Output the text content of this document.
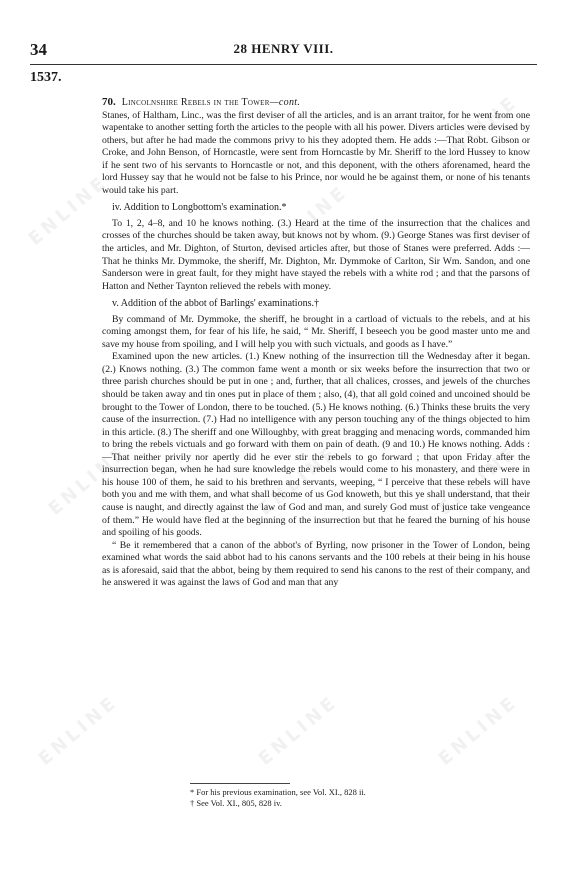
ENLINE	ENLINE
ENLINE
ENLINE	ENLINE	ENLINE
ENLINE	ENLINE	ENLINE
34	28 HENRY VIII.
1537.

70. Lincolnshire Rebels in the Tower—cont.

Stanes, of Haltham, Linc., was the first deviser of all the articles, and is an arrant traitor, for he went from one wapentake to another setting forth the articles to the people with all his power. Divers articles were devised by others, but after he had made the commons privy to his they adopted them. He adds :—That Robt. Gibson or Croke, and John Benson, of Horncastle, were sent from Horncastle by Mr. Sheriff to the lord Hussey to know if he sent two of his servants to Horncastle or not, and this deponent, with the others aforenamed, heard the lord Hussey say that he would not be false to his Prince, nor would he be against them, or none of his tenants would take his part.

iv. Addition to Longbottom's examination.*

To 1, 2, 4–8, and 10 he knows nothing. (3.) Heard at the time of the insurrection that the chalices and crosses of the churches should be taken away, but knows not by whom. (9.) George Stanes was first deviser of the articles, and Mr. Dighton, of Sturton, devised articles after, but those of Stanes were preferred. Adds :—That he thinks Mr. Dymmoke, the sheriff, Mr. Dighton, Mr. Dymmoke of Carlton, Sir Wm. Sandon, and one Sanderson were in great fault, for they might have stayed the rebels with a white rod ; and that the parsons of Hatton and Nether Taynton relieved the rebels with money.

v. Addition of the abbot of Barlings' examinations.†

By command of Mr. Dymmoke, the sheriff, he brought in a cartload of victuals to the rebels, and at his coming amongst them, for fear of his life, he said, “ Mr. Sheriff, I beseech you be good master unto me and save my house from spoiling, and I will help you with such victuals, and goods as I have.”

Examined upon the new articles. (1.) Knew nothing of the insurrection till the Wednesday after it began. (2.) Knows nothing. (3.) The common fame went a month or six weeks before the insurrection that two or three parish churches should be put in one ; and, further, that all chalices, crosses, and jewels of the churches should be taken away and tin ones put in place of them ; also, (4), that all gold coined and uncoined should be brought to the Tower of London, there to be touched. (5.) He knows nothing. (6.) Thinks these bruits the very cause of the insurrection. (7.) Had no intelligence with any person touching any of the things objected to him in this article. (8.) The sheriff and one Willoughby, with great bragging and menacing words, commanded him to bring the rebels victuals and go forward with them on pain of death. (9 and 10.) He knows nothing. Adds :—That neither privily nor apertly did he ever stir the rebels to go forward ; that upon Friday after the insurrection began, when he had sure knowledge the rebels would come to his monastery, and there were in his house 100 of them, he said to his brethren and servants, weeping, “ I perceive that these rebels will have both you and me with them, and what shall become of us God knoweth, but this ye shall understand, that their cause is naught, and directly against the law of God and man, and surely God must of justice take vengeance of them.” He would have fled at the beginning of the insurrection but that he feared the burning of his house and spoiling of his goods.

“ Be it remembered that a canon of the abbot's of Byrling, now prisoner in the Tower of London, being examined what words the said abbot had to his canons servants and the 100 rebels at their being in his house as is aforesaid, said that the abbot, being by them required to send his canons to the rest of their company, and he answered it was against the laws of God and man that any

* For his previous examination, see Vol. XI., 828 ii.
† See Vol. XI., 805, 828 iv.
